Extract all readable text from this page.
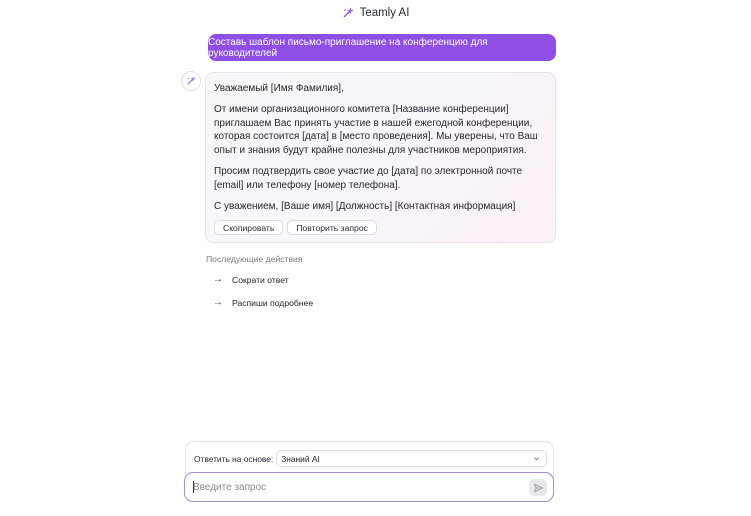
Teamly AI
Составь шаблон письмо-приглашение на конференцию для руководителей

Уважаемый [Имя Фамилия],

От имени организационного комитета [Название конференции] приглашаем Вас принять участие в нашей ежегодной конференции, которая состоится [дата] в [место проведения]. Мы уверены, что Ваш опыт и знания будут крайне полезны для участников мероприятия.

Просим подтвердить свое участие до [дата] по электронной почте [email] или телефону [номер телефона].

С уважением, [Ваше имя] [Должность] [Контактная информация]

Скопировать	Повторить запрос
Последующие действия
→ Сократи ответ
→ Распиши подробнее
Ответить на основе: Знаний AI
Введите запрос
